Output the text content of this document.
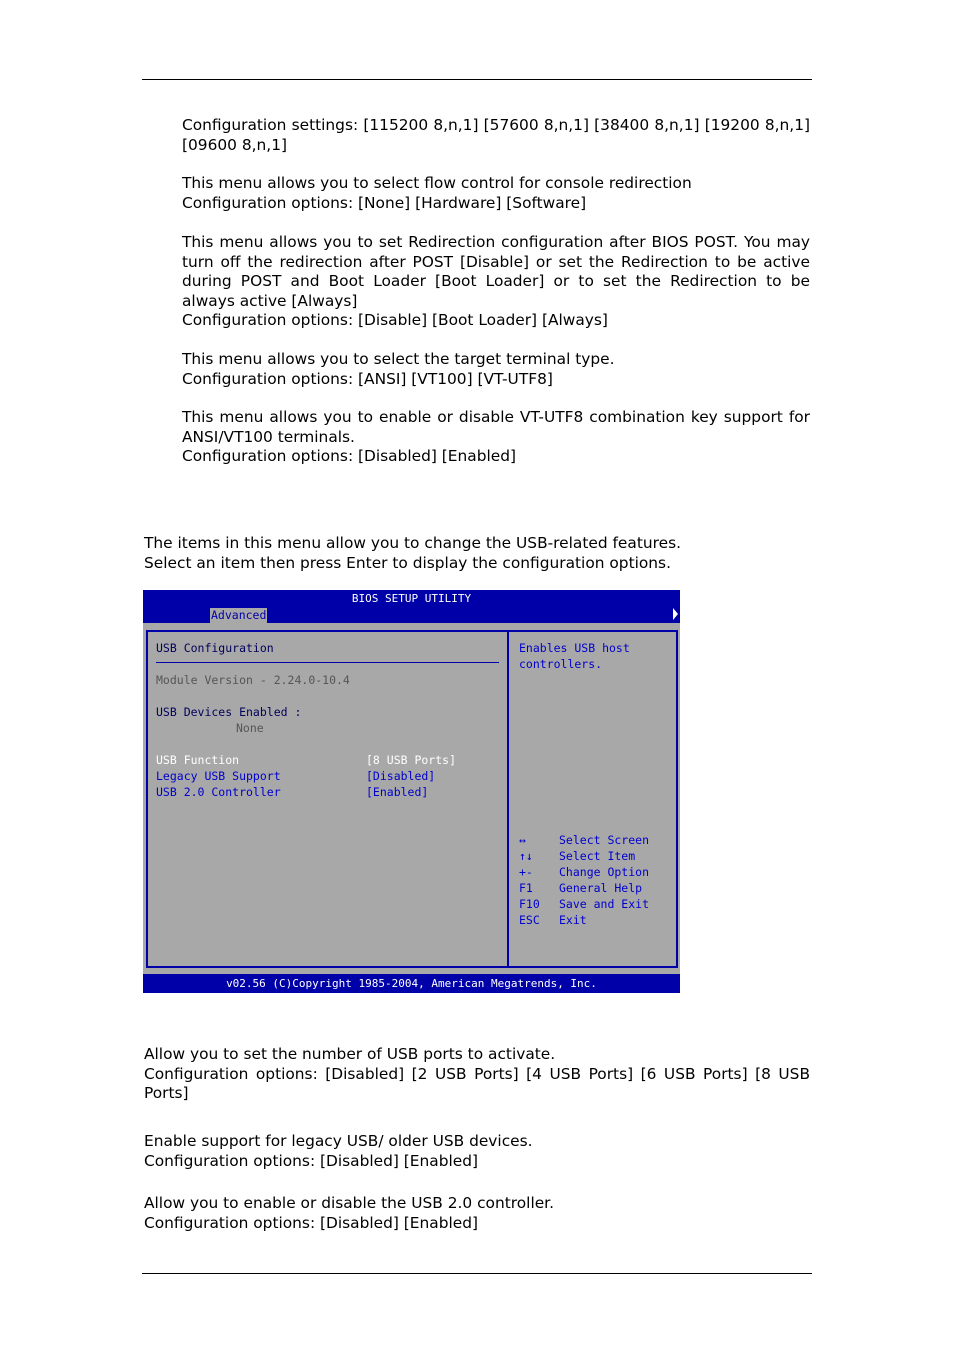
Configuration settings: [115200 8,n,1] [57600 8,n,1] [38400 8,n,1] [19200 8,n,1] [09600 8,n,1]

This menu allows you to select flow control for console redirection
Configuration options: [None] [Hardware] [Software]
This menu allows you to set Redirection configuration after BIOS POST. You may turn off the redirection after POST [Disable] or set the Redirection to be active during POST and Boot Loader [Boot Loader] or to set the Redirection to be always active [Always]
Configuration options: [Disable] [Boot Loader] [Always]
This menu allows you to select the target terminal type.
Configuration options: [ANSI] [VT100] [VT-UTF8]
This menu allows you to enable or disable VT-UTF8 combination key support for ANSI/VT100 terminals.
Configuration options: [Disabled] [Enabled]
The items in this menu allow you to change the USB-related features.
Select an item then press Enter to display the configuration options.
BIOS SETUP UTILITY
Advanced
USB Configuration
Module Version - 2.24.0-10.4
USB Devices Enabled :
None
USB Function	[8 USB Ports]
Legacy USB Support	[Disabled]
USB 2.0 Controller	[Enabled]
Enables USB host
controllers.
↔	Select Screen
↑↓ Select Item
+- Change Option
F1 General Help
F10 Save and Exit
ESC Exit
v02.56 (C)Copyright 1985-2004, American Megatrends, Inc.
Allow you to set the number of USB ports to activate.
Configuration options: [Disabled] [2 USB Ports] [4 USB Ports] [6 USB Ports] [8 USB Ports]
Enable support for legacy USB/ older USB devices.
Configuration options: [Disabled] [Enabled]
Allow you to enable or disable the USB 2.0 controller.
Configuration options: [Disabled] [Enabled]
